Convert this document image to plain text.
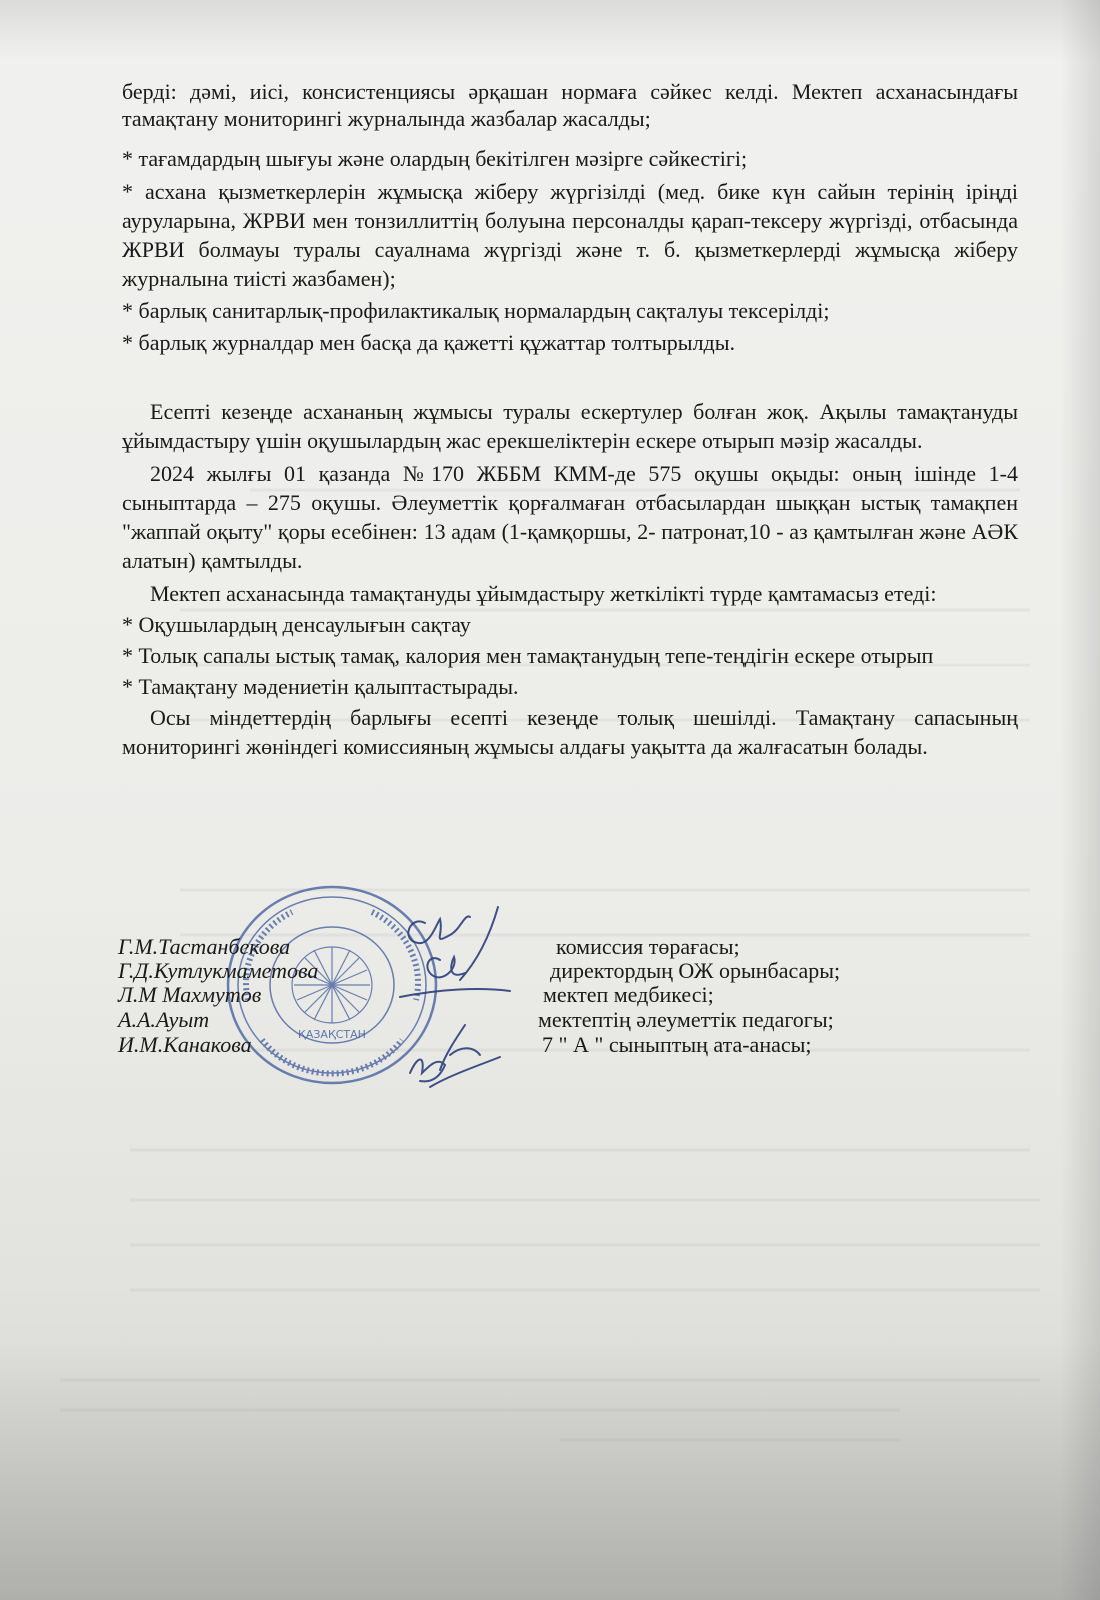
берді: дәмі, иісі, консистенциясы әрқашан нормаға сәйкес келді. Мектеп асханасындағы тамақтану мониторингі журналында жазбалар жасалды;

* тағамдардың шығуы және олардың бекітілген мәзірге сәйкестігі;

* асхана қызметкерлерін жұмысқа жіберу жүргізілді (мед. бике күн сайын терінің іріңді ауруларына, ЖРВИ мен тонзиллиттің болуына персоналды қарап-тексеру жүргізді, отбасында ЖРВИ болмауы туралы сауалнама жүргізді және т. б. қызметкерлерді жұмысқа жіберу журналына тиісті жазбамен);

* барлық санитарлық-профилактикалық нормалардың сақталуы тексерілді;

* барлық журналдар мен басқа да қажетті құжаттар толтырылды.

Есепті кезеңде асхананың жұмысы туралы ескертулер болған жоқ. Ақылы тамақтануды ұйымдастыру үшін оқушылардың жас ерекшеліктерін ескере отырып мәзір жасалды.

2024 жылғы 01 қазанда №170 ЖББМ КММ-де 575 оқушы оқыды: оның ішінде 1-4 сыныптарда – 275 оқушы. Әлеуметтік қорғалмаған отбасылардан шыққан ыстық тамақпен "жаппай оқыту" қоры есебінен: 13 адам (1-қамқоршы, 2- патронат,10 - аз қамтылған және АӘК алатын) қамтылды.

Мектеп асханасында тамақтануды ұйымдастыру жеткілікті түрде қамтамасыз етеді:

* Оқушылардың денсаулығын сақтау

* Толық сапалы ыстық тамақ, калория мен тамақтанудың тепе-теңдігін ескере отырып

* Тамақтану мәдениетін қалыптастырады.

Осы міндеттердің барлығы есепті кезеңде толық шешілді. Тамақтану сапасының мониторингі жөніндегі комиссияның жұмысы алдағы уақытта да жалғасатын болады.

ҚАЗАҚСТАН
Г.М.Тастанбекова	комиссия төрағасы;
Г.Д.Кутлукмаметова	директордың ОЖ орынбасары;
Л.М Махмутов	мектеп медбикесі;
А.А.Ауыт	мектептің әлеуметтік педагогы;
И.М.Канакова	7 " А " сыныптың ата-анасы;
